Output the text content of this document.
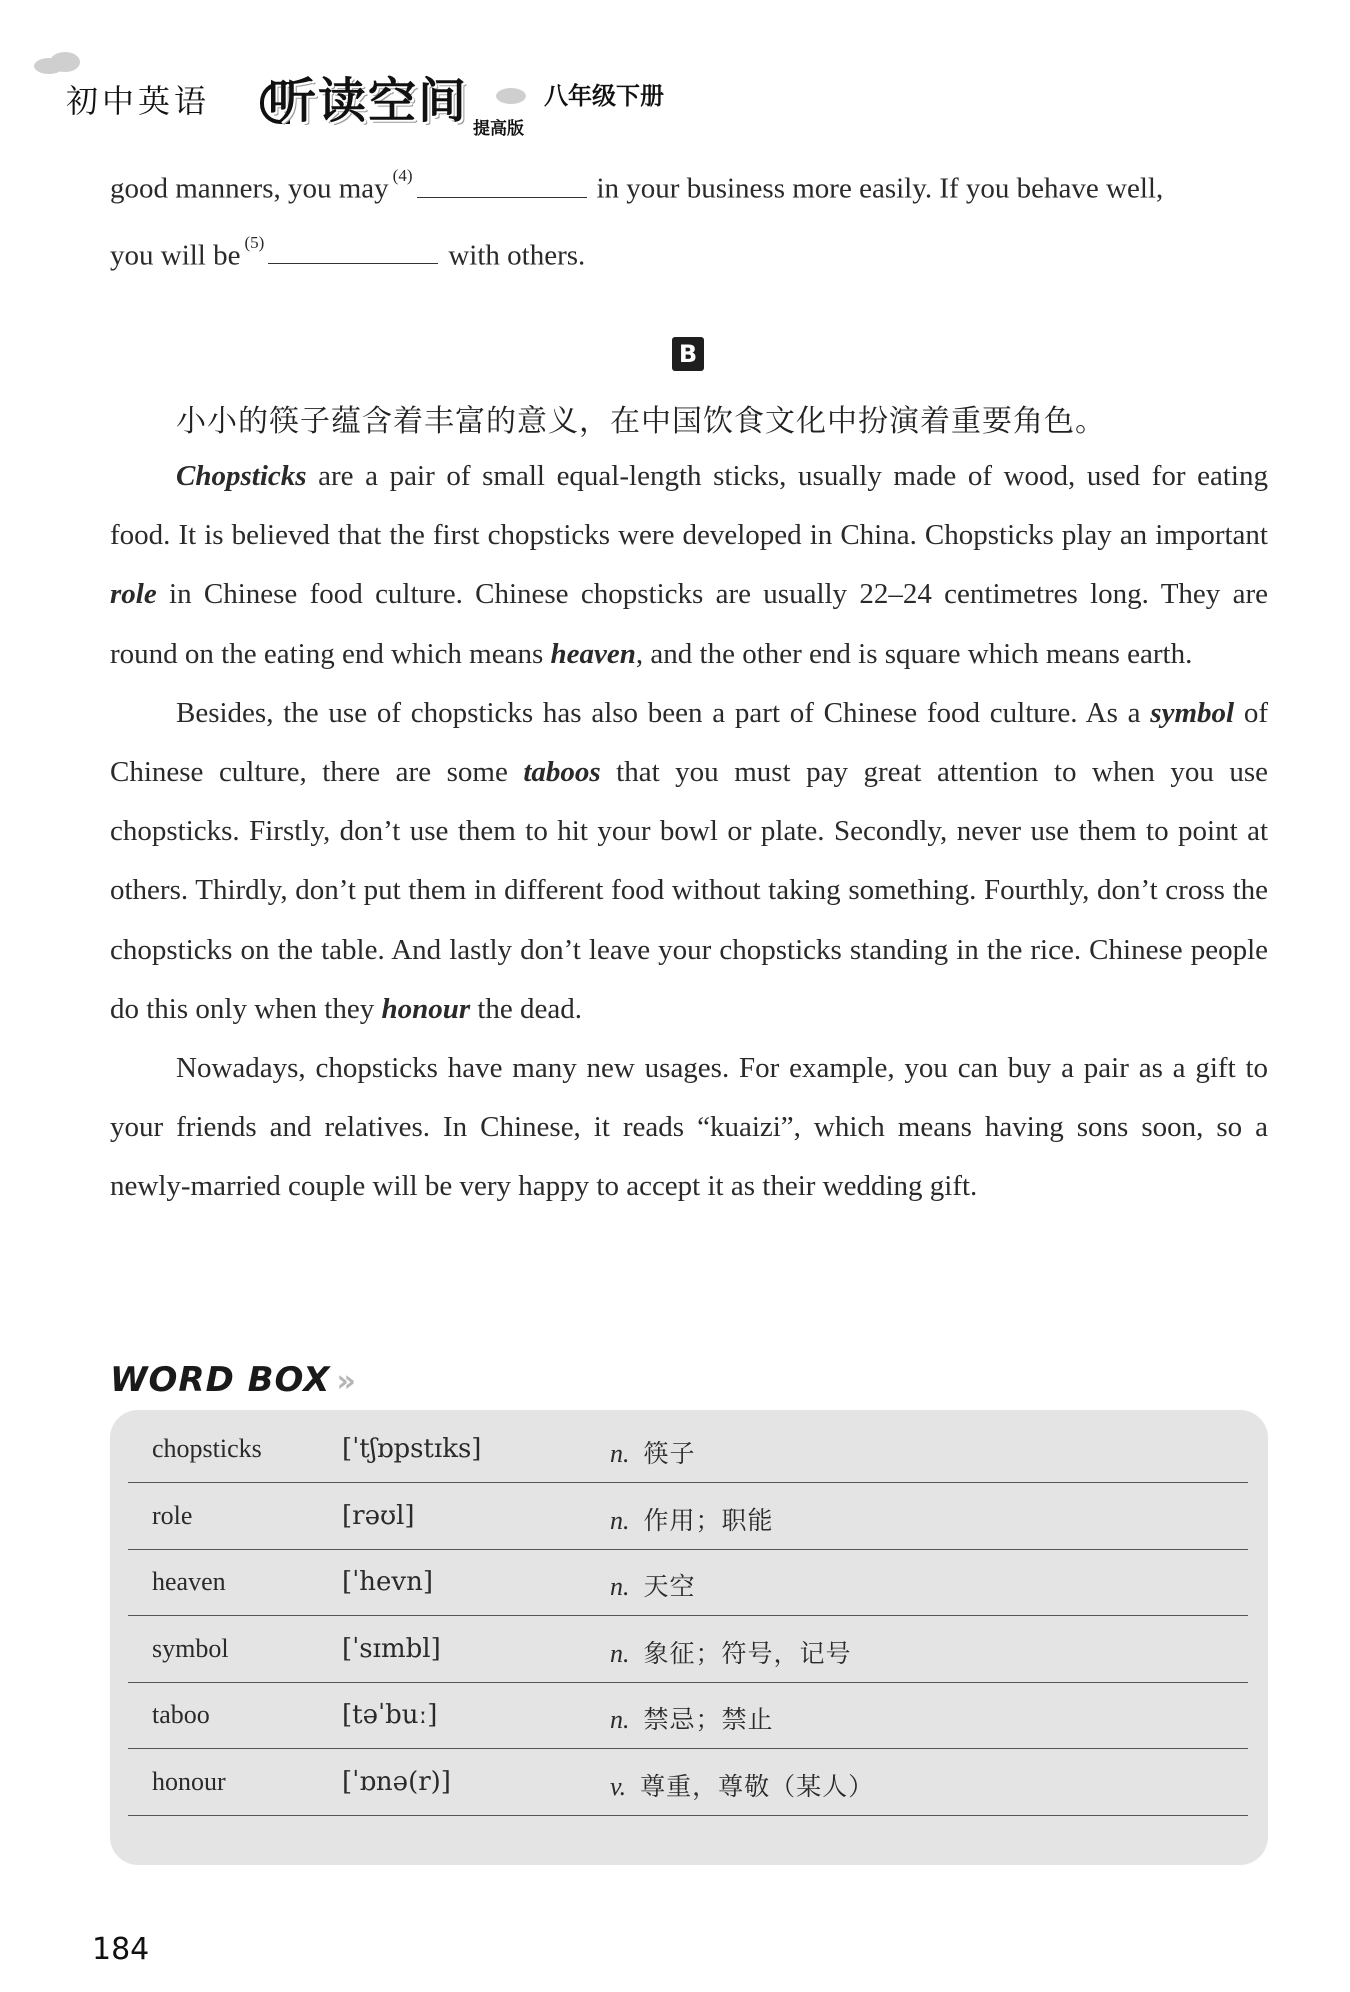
初中英语 听读空间 提高版
八年级下册
good manners, you may $^{(4)}$	in your business more easily. If you behave well,
you will be $^{(5)}$	with others.
B
小小的筷子蕴含着丰富的意义，在中国饮食文化中扮演着重要角色。

Chopsticks are a pair of small equal-length sticks, usually made of wood, used for eating food. It is believed that the first chopsticks were developed in China. Chopsticks play an important role in Chinese food culture. Chinese chopsticks are usually 22–24 centimetres long. They are round on the eating end which means heaven, and the other end is square which means earth.

Besides, the use of chopsticks has also been a part of Chinese food culture. As a symbol of Chinese culture, there are some taboos that you must pay great attention to when you use chopsticks. Firstly, don’t use them to hit your bowl or plate. Secondly, never use them to point at others. Thirdly, don’t put them in different food without taking something. Fourthly, don’t cross the chopsticks on the table. And lastly don’t leave your chopsticks standing in the rice. Chinese people do this only when they honour the dead.

Nowadays, chopsticks have many new usages. For example, you can buy a pair as a gift to your friends and relatives. In Chinese, it reads “kuaizi”, which means having sons soon, so a newly-married couple will be very happy to accept it as their wedding gift.

WORD BOX »
chopsticks	[ˈtʃɒpstɪks]	n. 筷子
role	[rəʊl]	n. 作用；职能
heaven	[ˈhevn]	n. 天空
symbol	[ˈsɪmbl]	n. 象征；符号，记号
taboo	[təˈbuː]	n. 禁忌；禁止
honour	[ˈɒnə(r)]	v. 尊重，尊敬（某人）
184
